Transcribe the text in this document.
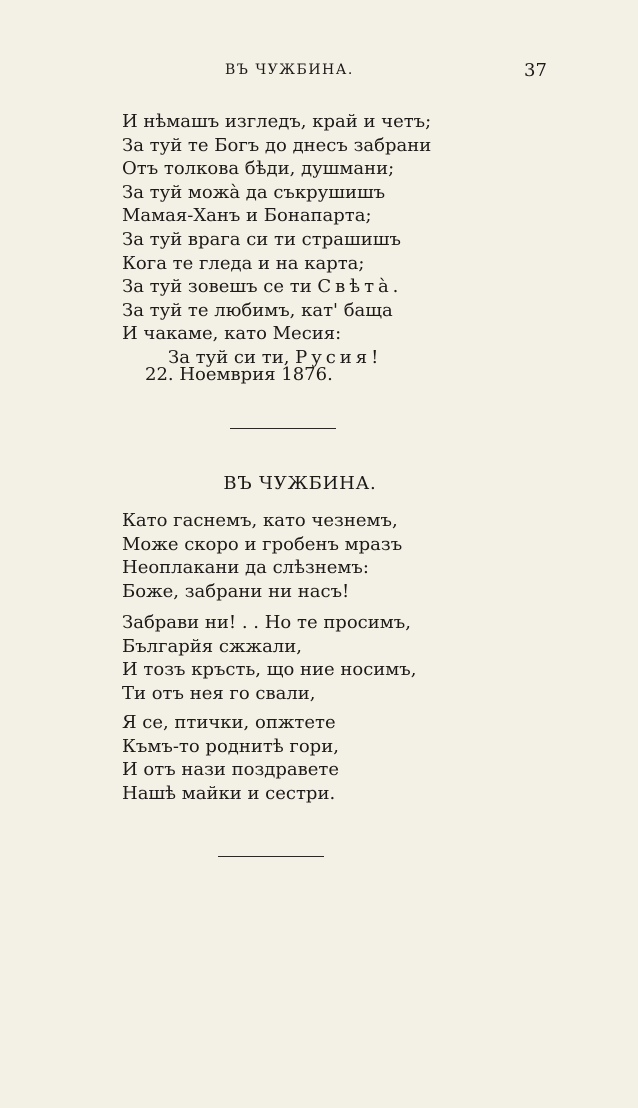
ВЪ ЧУЖБИНА.	37
И нѣмашъ изгледъ, край и четъ;
За туй те Богъ до днесъ забрани
Отъ толкова бѣди, душмани;
За туй можа̀ да съкрушишъ
Мамая-Ханъ и Бонапарта;
За туй врага си ти страшишъ
Кога те гледа и на карта;
За туй зовешъ се ти Свѣта̀.
За туй те любимъ, кат' баща
И чакаме, като Месия:
За туй си ти, Русия!
22. Ноемврия 1876.
ВЪ ЧУЖБИНА.
Като гаснемъ, като чезнемъ,
Може скоро и гробенъ мразъ
Неоплакани да слѣзнемъ:
Боже, забрани ни насъ!
Забрави ни! . . Но те просимъ,
Българйя сжжали,
И тозъ кръсть, що ние носимъ,
Ти отъ нея го свали,
Я се, птички, опжтете
Къмъ-то роднитѣ гори,
И отъ нази поздравете
Нашѣ майки и сестри.
